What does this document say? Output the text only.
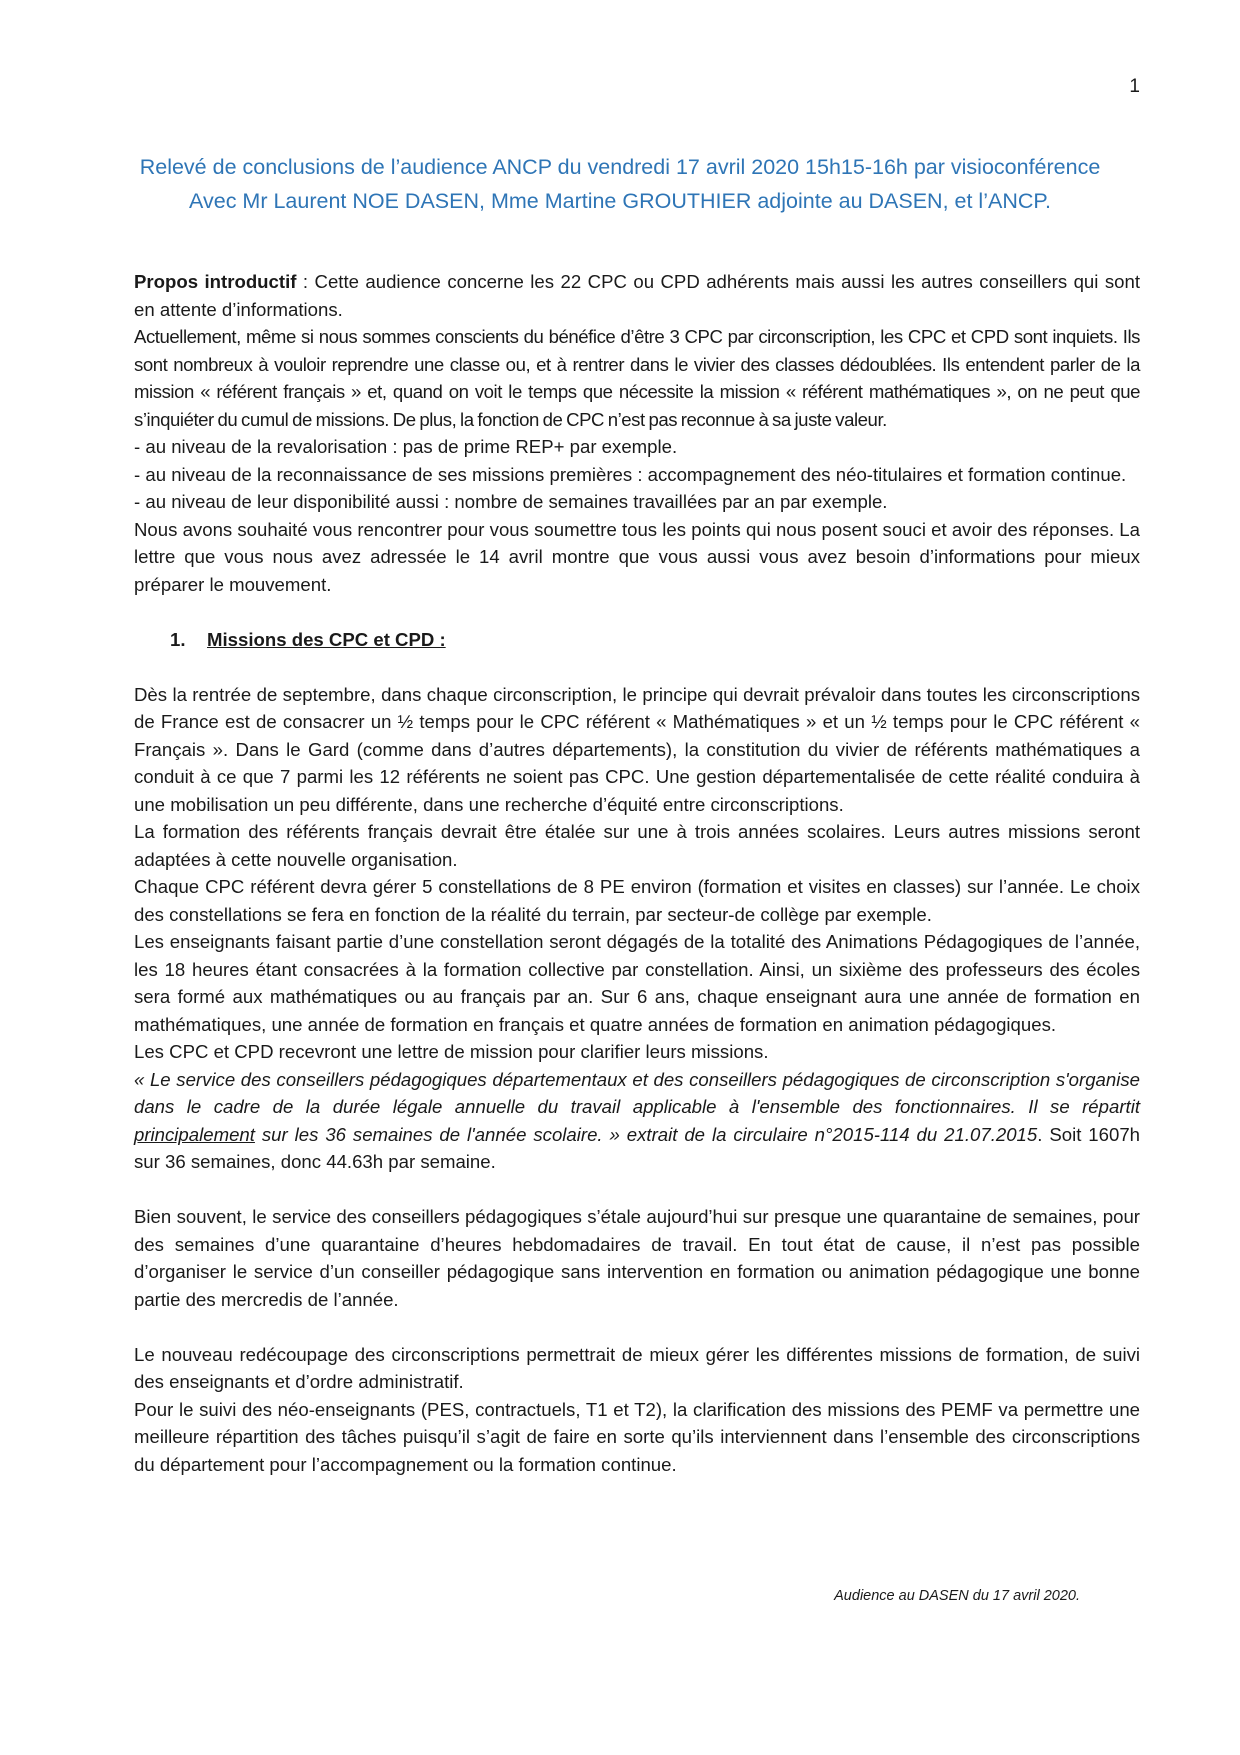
1
Relevé de conclusions de l’audience ANCP du vendredi 17 avril 2020 15h15-16h par visioconférence
Avec Mr Laurent NOE DASEN, Mme Martine GROUTHIER adjointe au DASEN, et l’ANCP.

Propos introductif : Cette audience concerne les 22 CPC ou CPD adhérents mais aussi les autres conseillers qui sont en attente d’informations.

Actuellement, même si nous sommes conscients du bénéfice d’être 3 CPC par circonscription, les CPC et CPD sont inquiets. Ils sont nombreux à vouloir reprendre une classe ou, et à rentrer dans le vivier des classes dédoublées. Ils entendent parler de la mission « référent français » et, quand on voit le temps que nécessite la mission « référent mathématiques », on ne peut que s’inquiéter du cumul de missions. De plus, la fonction de CPC n’est pas reconnue à sa juste valeur.

- au niveau de la revalorisation : pas de prime REP+ par exemple.

- au niveau de la reconnaissance de ses missions premières : accompagnement des néo-titulaires et formation continue.

- au niveau de leur disponibilité aussi : nombre de semaines travaillées par an par exemple.

Nous avons souhaité vous rencontrer pour vous soumettre tous les points qui nous posent souci et avoir des réponses. La lettre que vous nous avez adressée le 14 avril montre que vous aussi vous avez besoin d’informations pour mieux préparer le mouvement.

1. Missions des CPC et CPD :

Dès la rentrée de septembre, dans chaque circonscription, le principe qui devrait prévaloir dans toutes les circonscriptions de France est de consacrer un ½ temps pour le CPC référent « Mathématiques » et un ½ temps pour le CPC référent « Français ». Dans le Gard (comme dans d’autres départements), la constitution du vivier de référents mathématiques a conduit à ce que 7 parmi les 12 référents ne soient pas CPC. Une gestion départementalisée de cette réalité conduira à une mobilisation un peu différente, dans une recherche d’équité entre circonscriptions.

La formation des référents français devrait être étalée sur une à trois années scolaires. Leurs autres missions seront adaptées à cette nouvelle organisation.

Chaque CPC référent devra gérer 5 constellations de 8 PE environ (formation et visites en classes) sur l’année. Le choix des constellations se fera en fonction de la réalité du terrain, par secteur-de collège par exemple.

Les enseignants faisant partie d’une constellation seront dégagés de la totalité des Animations Pédagogiques de l’année, les 18 heures étant consacrées à la formation collective par constellation. Ainsi, un sixième des professeurs des écoles sera formé aux mathématiques ou au français par an. Sur 6 ans, chaque enseignant aura une année de formation en mathématiques, une année de formation en français et quatre années de formation en animation pédagogiques.

Les CPC et CPD recevront une lettre de mission pour clarifier leurs missions.

« Le service des conseillers pédagogiques départementaux et des conseillers pédagogiques de circonscription s'organise dans le cadre de la durée légale annuelle du travail applicable à l'ensemble des fonctionnaires. Il se répartit principalement sur les 36 semaines de l'année scolaire. » extrait de la circulaire n°2015-114 du 21.07.2015. Soit 1607h sur 36 semaines, donc 44.63h par semaine.

Bien souvent, le service des conseillers pédagogiques s’étale aujourd’hui sur presque une quarantaine de semaines, pour des semaines d’une quarantaine d’heures hebdomadaires de travail. En tout état de cause, il n’est pas possible d’organiser le service d’un conseiller pédagogique sans intervention en formation ou animation pédagogique une bonne partie des mercredis de l’année.

Le nouveau redécoupage des circonscriptions permettrait de mieux gérer les différentes missions de formation, de suivi des enseignants et d’ordre administratif.

Pour le suivi des néo-enseignants (PES, contractuels, T1 et T2), la clarification des missions des PEMF va permettre une meilleure répartition des tâches puisqu’il s’agit de faire en sorte qu’ils interviennent dans l’ensemble des circonscriptions du département pour l’accompagnement ou la formation continue.

Audience au DASEN du 17 avril 2020.
